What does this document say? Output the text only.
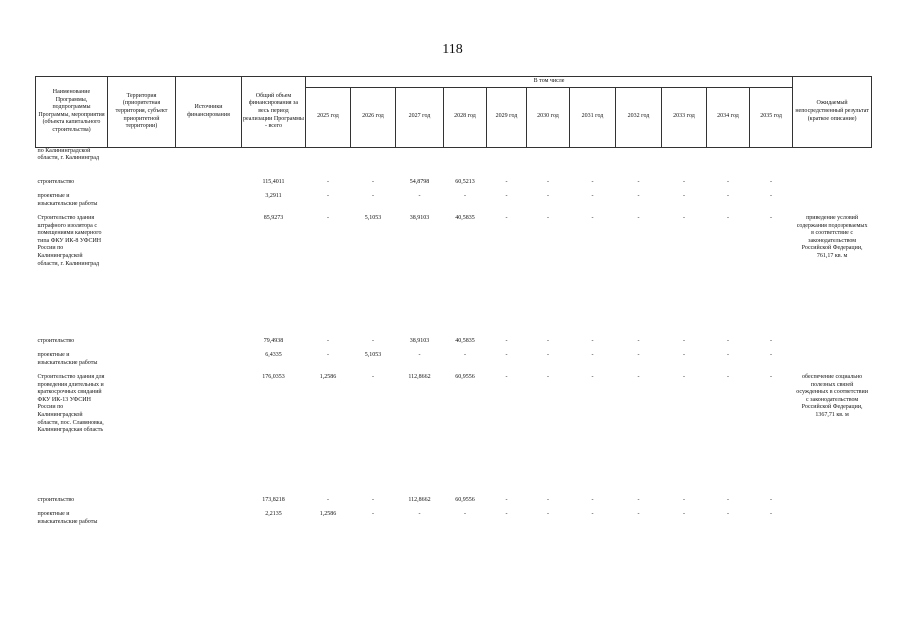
118
Наименование Программы, подпрограммы Программы, мероприятия (объекта капитального строительства)	Территория (приоритетная территория, субъект приоритетной территории)	Источники финансирования	Общий объем финансирования за весь период реализации Программы - всего	В том числе											Ожидаемый непосредственный результат (краткое описание)
				2025 год	2026 год	2027 год	2028 год	2029 год	2030 год	2031 год	2032 год	2033 год	2034 год	2035 год	
по Калининградской области, г. Калининград															
строительство			115,4011	-	-	54,8798	60,5213	-	-	-	-	-	-	-	
проектные и изыскательские работы			3,2911	-	-	-	-	-	-	-	-	-	-	-	
Строительство здания штрафного изолятора с помещениями камерного типа ФКУ ИК-8 УФСИН России по Калининградской области, г. Калининград			85,9273	-	5,1053	38,9103	40,5835	-	-	-	-	-	-	-	приведение условий содержания подозреваемых в соответствие с законодательством Российской Федерации, 761,17 кв. м
строительство			79,4938	-	-	38,9103	40,5835	-	-	-	-	-	-	-	
проектные и изыскательские работы			6,4335	-	5,1053	-	-	-	-	-	-	-	-	-	
Строительство здания для проведения длительных и краткосрочных свиданий ФКУ ИК-13 УФСИН России по Калининградской области, пос. Славяновка, Калининградская область			176,0353	1,2586	-	112,8662	60,9556	-	-	-	-	-	-	-	обеспечение социально полезных связей осужденных в соответствии с законодательством Российской Федерации, 1367,71 кв. м
строительство			173,8218	-	-	112,8662	60,9556	-	-	-	-	-	-	-	
проектные и изыскательские работы			2,2135	1,2586	-	-	-	-	-	-	-	-	-	-	
